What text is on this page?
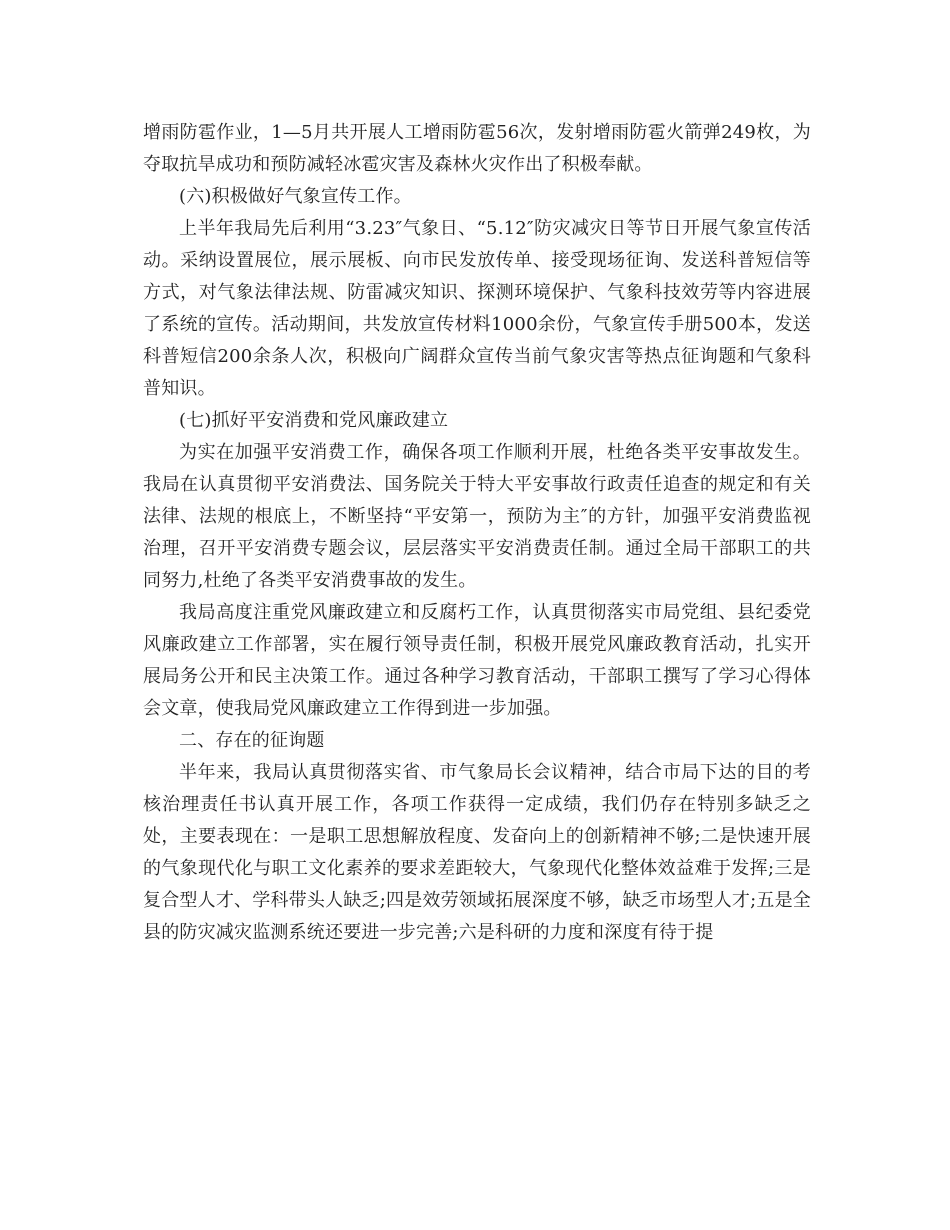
增雨防雹作业，1—5月共开展人工增雨防雹56次，发射增雨防雹火箭弹249枚，为夺取抗旱成功和预防减轻冰雹灾害及森林火灾作出了积极奉献。

(六)积极做好气象宣传工作。

上半年我局先后利用“3.23″气象日、“5.12″防灾减灾日等节日开展气象宣传活动。采纳设置展位，展示展板、向市民发放传单、接受现场征询、发送科普短信等方式，对气象法律法规、防雷减灾知识、探测环境保护、气象科技效劳等内容进展了系统的宣传。活动期间，共发放宣传材料1000余份，气象宣传手册500本，发送科普短信200余条人次，积极向广阔群众宣传当前气象灾害等热点征询题和气象科普知识。

(七)抓好平安消费和党风廉政建立

为实在加强平安消费工作，确保各项工作顺利开展，杜绝各类平安事故发生。我局在认真贯彻平安消费法、国务院关于特大平安事故行政责任追查的规定和有关法律、法规的根底上，不断坚持“平安第一，预防为主″的方针，加强平安消费监视治理，召开平安消费专题会议，层层落实平安消费责任制。通过全局干部职工的共同努力,杜绝了各类平安消费事故的发生。

我局高度注重党风廉政建立和反腐朽工作，认真贯彻落实市局党组、县纪委党风廉政建立工作部署，实在履行领导责任制，积极开展党风廉政教育活动，扎实开展局务公开和民主决策工作。通过各种学习教育活动，干部职工撰写了学习心得体会文章，使我局党风廉政建立工作得到进一步加强。

二、存在的征询题

半年来，我局认真贯彻落实省、市气象局长会议精神，结合市局下达的目的考核治理责任书认真开展工作，各项工作获得一定成绩，我们仍存在特别多缺乏之处，主要表现在：一是职工思想解放程度、发奋向上的创新精神不够;二是快速开展的气象现代化与职工文化素养的要求差距较大，气象现代化整体效益难于发挥;三是复合型人才、学科带头人缺乏;四是效劳领域拓展深度不够，缺乏市场型人才;五是全县的防灾减灾监测系统还要进一步完善;六是科研的力度和深度有待于提
